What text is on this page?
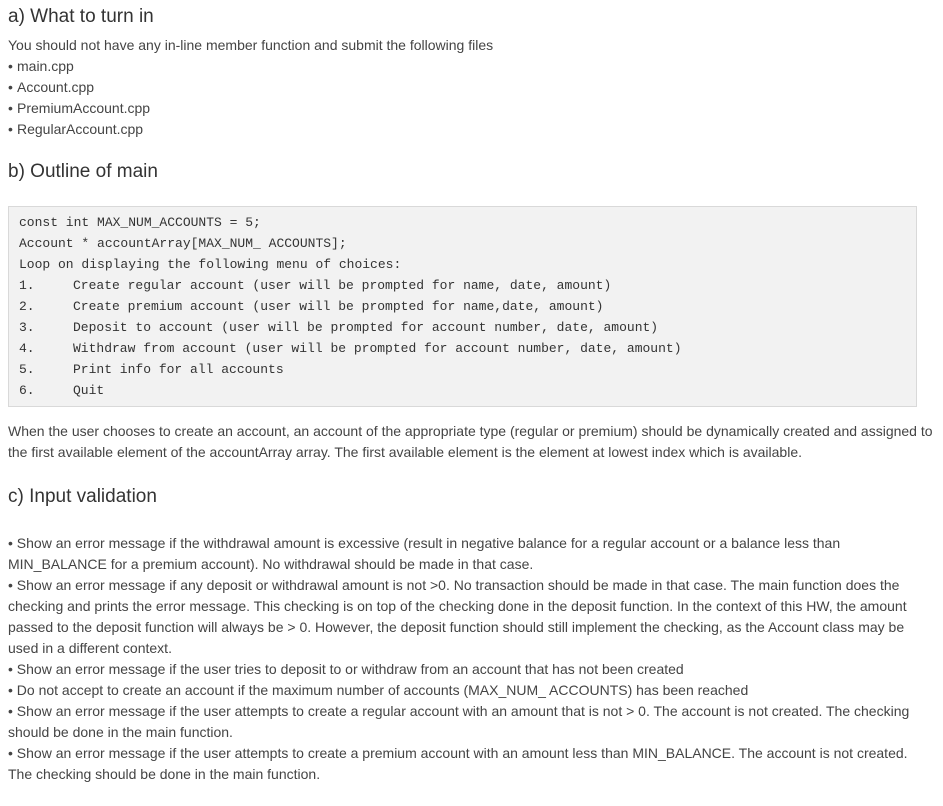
a) What to turn in

You should not have any in-line member function and submit the following files

• main.cpp
• Account.cpp
• PremiumAccount.cpp
• RegularAccount.cpp
b) Outline of main
const int MAX_NUM_ACCOUNTS = 5;
Account * accountArray[MAX_NUM_ ACCOUNTS];
Loop on displaying the following menu of choices:
1.	Create regular account (user will be prompted for name, date, amount)
2.	Create premium account (user will be prompted for name,date, amount)
3.	Deposit to account (user will be prompted for account number, date, amount)
4.	Withdraw from account (user will be prompted for account number, date, amount)
5.	Print info for all accounts
6.	Quit

When the user chooses to create an account, an account of the appropriate type (regular or premium) should be dynamically created and assigned to the first available element of the accountArray array. The first available element is the element at lowest index which is available.

c) Input validation

• Show an error message if the withdrawal amount is excessive (result in negative balance for a regular account or a balance less than MIN_BALANCE for a premium account). No withdrawal should be made in that case.

• Show an error message if any deposit or withdrawal amount is not >0. No transaction should be made in that case. The main function does the checking and prints the error message. This checking is on top of the checking done in the deposit function. In the context of this HW, the amount passed to the deposit function will always be > 0. However, the deposit function should still implement the checking, as the Account class may be used in a different context.

• Show an error message if the user tries to deposit to or withdraw from an account that has not been created

• Do not accept to create an account if the maximum number of accounts (MAX_NUM_ ACCOUNTS) has been reached

• Show an error message if the user attempts to create a regular account with an amount that is not > 0. The account is not created. The checking should be done in the main function.

• Show an error message if the user attempts to create a premium account with an amount less than MIN_BALANCE. The account is not created. The checking should be done in the main function.
